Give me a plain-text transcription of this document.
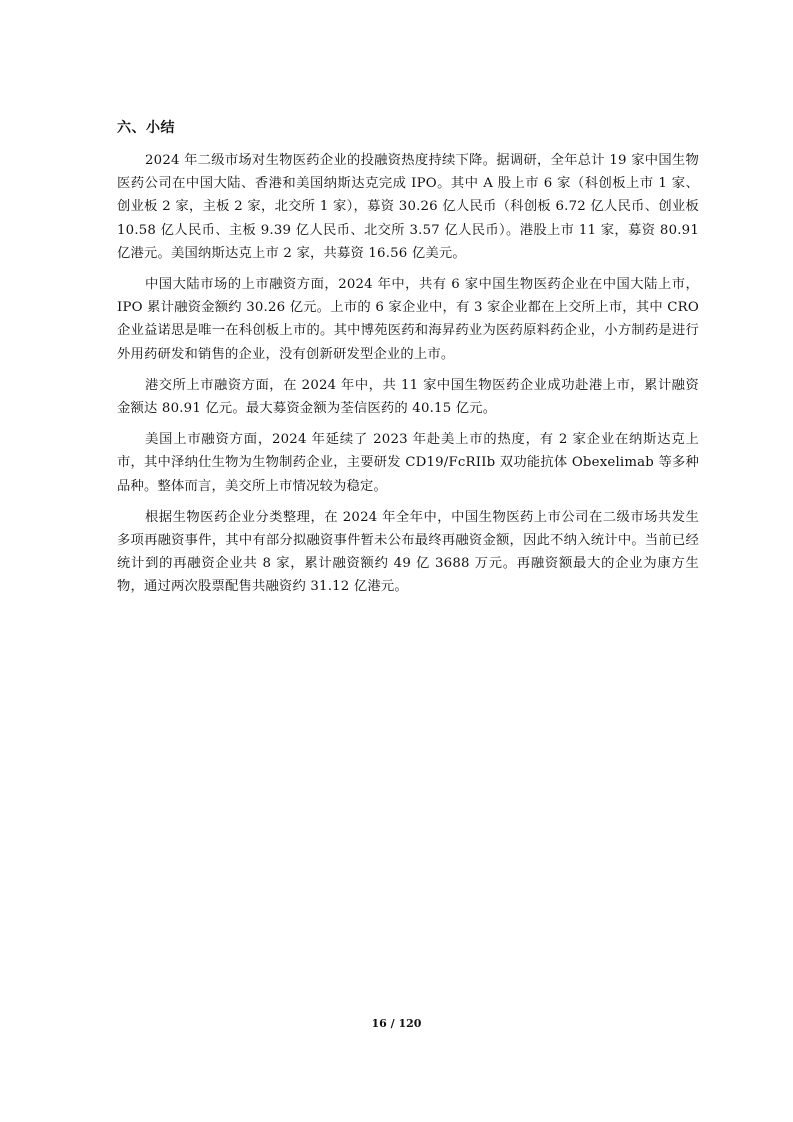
六、小结

2024 年二级市场对生物医药企业的投融资热度持续下降。据调研，全年总计 19 家中国生物医药公司在中国大陆、香港和美国纳斯达克完成 IPO。其中 A 股上市 6 家（科创板上市 1 家、创业板 2 家，主板 2 家，北交所 1 家），募资 30.26 亿人民币（科创板 6.72 亿人民币、创业板 10.58 亿人民币、主板 9.39 亿人民币、北交所 3.57 亿人民币）。港股上市 11 家，募资 80.91 亿港元。美国纳斯达克上市 2 家，共募资 16.56 亿美元。

中国大陆市场的上市融资方面，2024 年中，共有 6 家中国生物医药企业在中国大陆上市，IPO 累计融资金额约 30.26 亿元。上市的 6 家企业中，有 3 家企业都在上交所上市，其中 CRO 企业益诺思是唯一在科创板上市的。其中博苑医药和海昇药业为医药原料药企业，小方制药是进行外用药研发和销售的企业，没有创新研发型企业的上市。

港交所上市融资方面，在 2024 年中，共 11 家中国生物医药企业成功赴港上市，累计融资金额达 80.91 亿元。最大募资金额为荃信医药的 40.15 亿元。

美国上市融资方面，2024 年延续了 2023 年赴美上市的热度，有 2 家企业在纳斯达克上市，其中泽纳仕生物为生物制药企业，主要研发 CD19/FcRIIb 双功能抗体 Obexelimab 等多种品种。整体而言，美交所上市情况较为稳定。

根据生物医药企业分类整理，在 2024 年全年中，中国生物医药上市公司在二级市场共发生多项再融资事件，其中有部分拟融资事件暂未公布最终再融资金额，因此不纳入统计中。当前已经统计到的再融资企业共 8 家，累计融资额约 49 亿 3688 万元。再融资额最大的企业为康方生物，通过两次股票配售共融资约 31.12 亿港元。

16 / 120
